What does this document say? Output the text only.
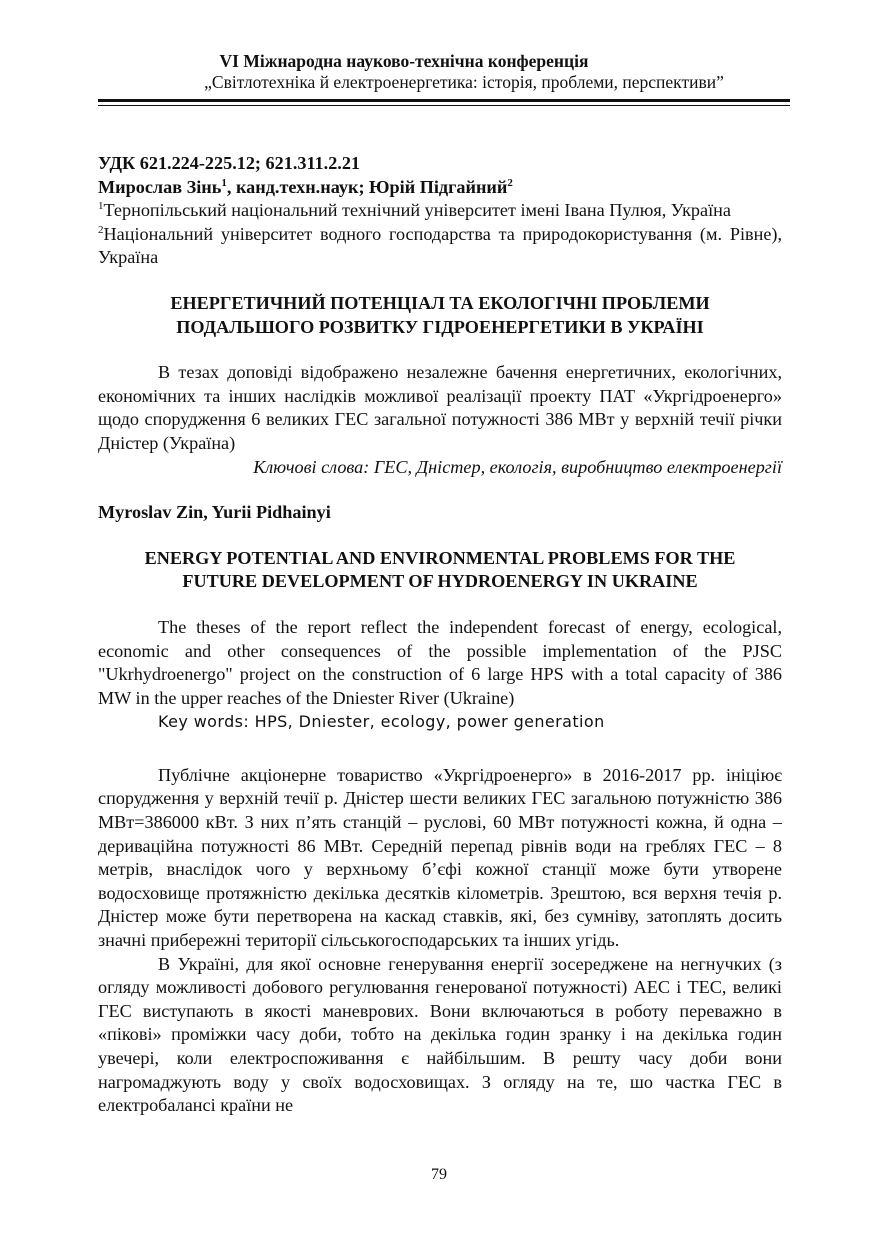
VI Міжнародна науково-технічна конференція
„Світлотехніка й електроенергетика: історія, проблеми, перспективи”
УДК 621.224-225.12; 621.311.2.21
Мирослав Зінь$^1$, канд.техн.наук; Юрій Підгайний$^2$
$^1$Тернопільський національний технічний університет імені Івана Пулюя, Україна
$^2$Національний університет водного господарства та природокористування (м. Рівне), Україна
ЕНЕРГЕТИЧНИЙ ПОТЕНЦІАЛ ТА ЕКОЛОГІЧНІ ПРОБЛЕМИ
ПОДАЛЬШОГО РОЗВИТКУ ГІДРОЕНЕРГЕТИКИ В УКРАЇНІ
В тезах доповіді відображено незалежне бачення енергетичних, екологічних, економічних та інших наслідків можливої реалізації проекту ПАТ «Укргідроенерго» щодо спорудження 6 великих ГЕС загальної потужності 386 МВт у верхній течії річки Дністер (Україна)
Ключові слова: ГЕС, Дністер, екологія, виробництво електроенергії
Myroslav Zin, Yurii Pidhainyi
ENERGY POTENTIAL AND ENVIRONMENTAL PROBLEMS FOR THE
FUTURE DEVELOPMENT OF HYDROENERGY IN UKRAINE
The theses of the report reflect the independent forecast of energy, ecological, economic and other consequences of the possible implementation of the PJSC "Ukrhydroenergo" project on the construction of 6 large HPS with a total capacity of 386 MW in the upper reaches of the Dniester River (Ukraine)
Key words: HPS, Dniester, ecology, power generation
Публічне акціонерне товариство «Укргідроенерго» в 2016-2017 рр. ініціює спорудження у верхній течії р. Дністер шести великих ГЕС загальною потужністю 386 МВт=386000 кВт. З них п’ять станцій – руслові, 60 МВт потужності кожна, й одна – дериваційна потужності 86 МВт. Середній перепад рівнів води на греблях ГЕС – 8 метрів, внаслідок чого у верхньому б’єфі кожної станції може бути утворене водосховище протяжністю декілька десятків кілометрів. Зрештою, вся верхня течія р. Дністер може бути перетворена на каскад ставків, які, без сумніву, затоплять досить значні прибережні території сільськогосподарських та інших угідь.
В Україні, для якої основне генерування енергії зосереджене на негнучких (з огляду можливості добового регулювання генерованої потужності) АЕС і ТЕС, великі ГЕС виступають в якості маневрових. Вони включаються в роботу переважно в «пікові» проміжки часу доби, тобто на декілька годин зранку і на декілька годин увечері, коли електроспоживання є найбільшим. В решту часу доби вони нагромаджують воду у своїх водосховищах. З огляду на те, шо частка ГЕС в електробалансі країни не
79
